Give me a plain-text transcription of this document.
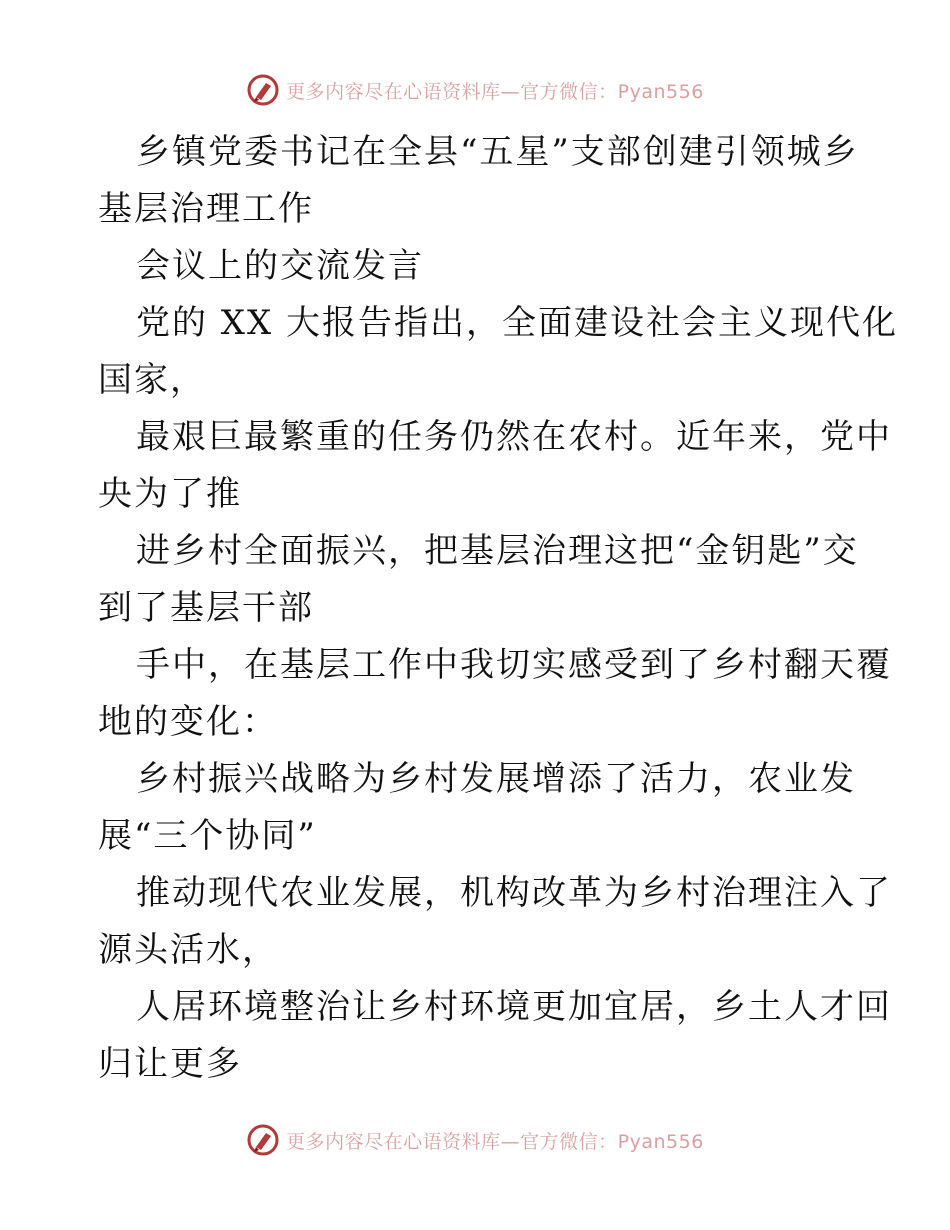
更多内容尽在心语资料库—官方微信：Pyan556

乡镇党委书记在全县“五星”支部创建引领城乡

基层治理工作

会议上的交流发言

党的 XX 大报告指出，全面建设社会主义现代化

国家，

最艰巨最繁重的任务仍然在农村。近年来，党中

央为了推

进乡村全面振兴，把基层治理这把“金钥匙”交

到了基层干部

手中，在基层工作中我切实感受到了乡村翻天覆

地的变化：

乡村振兴战略为乡村发展增添了活力，农业发

展“三个协同”

推动现代农业发展，机构改革为乡村治理注入了

源头活水，

人居环境整治让乡村环境更加宜居，乡土人才回

归让更多

更多内容尽在心语资料库—官方微信：Pyan556
